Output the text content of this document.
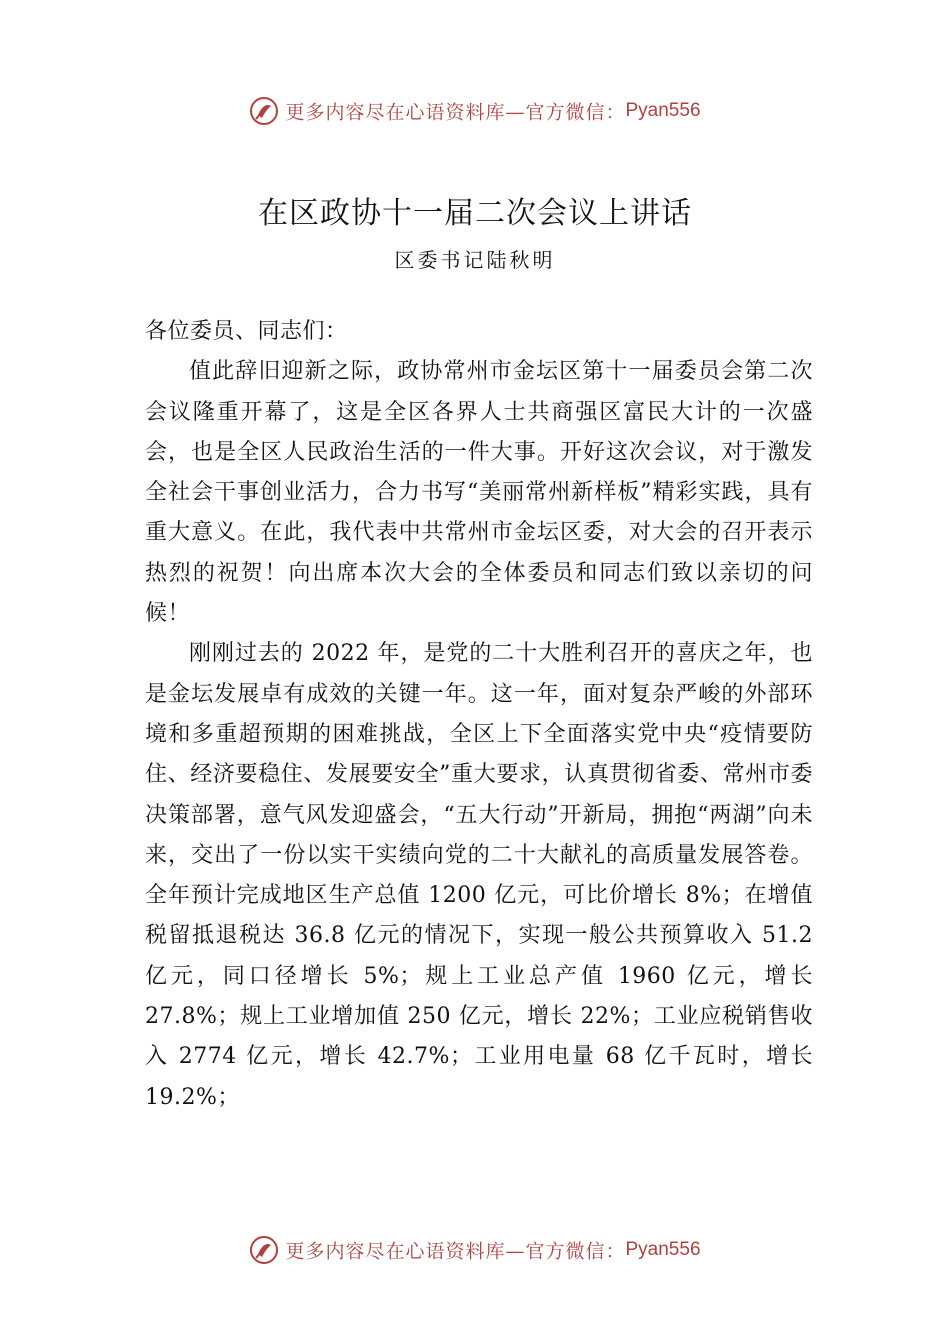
更多内容尽在心语资料库—官方微信：Pyan556
在区政协十一届二次会议上讲话
区委书记陆秋明

各位委员、同志们：

值此辞旧迎新之际，政协常州市金坛区第十一届委员会第二次会议隆重开幕了，这是全区各界人士共商强区富民大计的一次盛会，也是全区人民政治生活的一件大事。开好这次会议，对于激发全社会干事创业活力，合力书写“美丽常州新样板”精彩实践，具有重大意义。在此，我代表中共常州市金坛区委，对大会的召开表示热烈的祝贺！向出席本次大会的全体委员和同志们致以亲切的问候！

刚刚过去的 2022 年，是党的二十大胜利召开的喜庆之年，也是金坛发展卓有成效的关键一年。这一年，面对复杂严峻的外部环境和多重超预期的困难挑战，全区上下全面落实党中央“疫情要防住、经济要稳住、发展要安全”重大要求，认真贯彻省委、常州市委决策部署，意气风发迎盛会，“五大行动”开新局，拥抱“两湖”向未来，交出了一份以实干实绩向党的二十大献礼的高质量发展答卷。全年预计完成地区生产总值 1200 亿元，可比价增长 8%；在增值税留抵退税达 36.8 亿元的情况下，实现一般公共预算收入 51.2 亿元，同口径增长 5%；规上工业总产值 1960 亿元，增长 27.8%；规上工业增加值 250 亿元，增长 22%；工业应税销售收入 2774 亿元，增长 42.7%；工业用电量 68 亿千瓦时，增长 19.2%；

更多内容尽在心语资料库—官方微信：Pyan556
